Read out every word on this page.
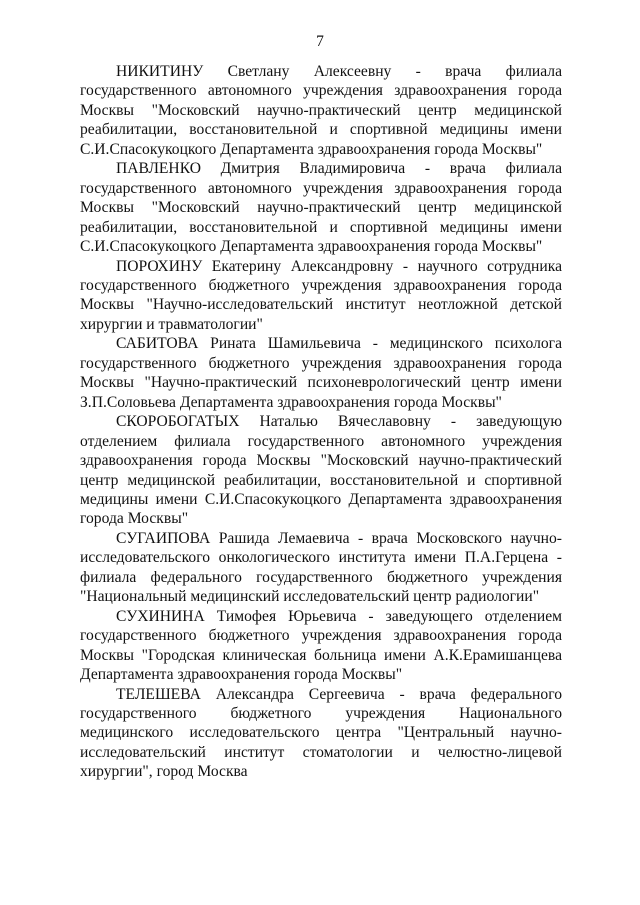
7

НИКИТИНУ Светлану Алексеевну - врача филиала государственного автономного учреждения здравоохранения города Москвы "Московский научно-практический центр медицинской реабилитации, восстановительной и спортивной медицины имени С.И.Спасокукоцкого Департамента здравоохранения города Москвы"

ПАВЛЕНКО Дмитрия Владимировича - врача филиала государственного автономного учреждения здравоохранения города Москвы "Московский научно-практический центр медицинской реабилитации, восстановительной и спортивной медицины имени С.И.Спасокукоцкого Департамента здравоохранения города Москвы"

ПОРОХИНУ Екатерину Александровну - научного сотрудника государственного бюджетного учреждения здравоохранения города Москвы "Научно-исследовательский институт неотложной детской хирургии и травматологии"

САБИТОВА Рината Шамильевича - медицинского психолога государственного бюджетного учреждения здравоохранения города Москвы "Научно-практический психоневрологический центр имени З.П.Соловьева Департамента здравоохранения города Москвы"

СКОРОБОГАТЫХ Наталью Вячеславовну - заведующую отделением филиала государственного автономного учреждения здравоохранения города Москвы "Московский научно-практический центр медицинской реабилитации, восстановительной и спортивной медицины имени С.И.Спасокукоцкого Департамента здравоохранения города Москвы"

СУГАИПОВА Рашида Лемаевича - врача Московского научно-исследовательского онкологического института имени П.А.Герцена - филиала федерального государственного бюджетного учреждения "Национальный медицинский исследовательский центр радиологии"

СУХИНИНА Тимофея Юрьевича - заведующего отделением государственного бюджетного учреждения здравоохранения города Москвы "Городская клиническая больница имени А.К.Ерамишанцева Департамента здравоохранения города Москвы"

ТЕЛЕШЕВА Александра Сергеевича - врача федерального государственного бюджетного учреждения Национального медицинского исследовательского центра "Центральный научно-исследовательский институт стоматологии и челюстно-лицевой хирургии", город Москва
